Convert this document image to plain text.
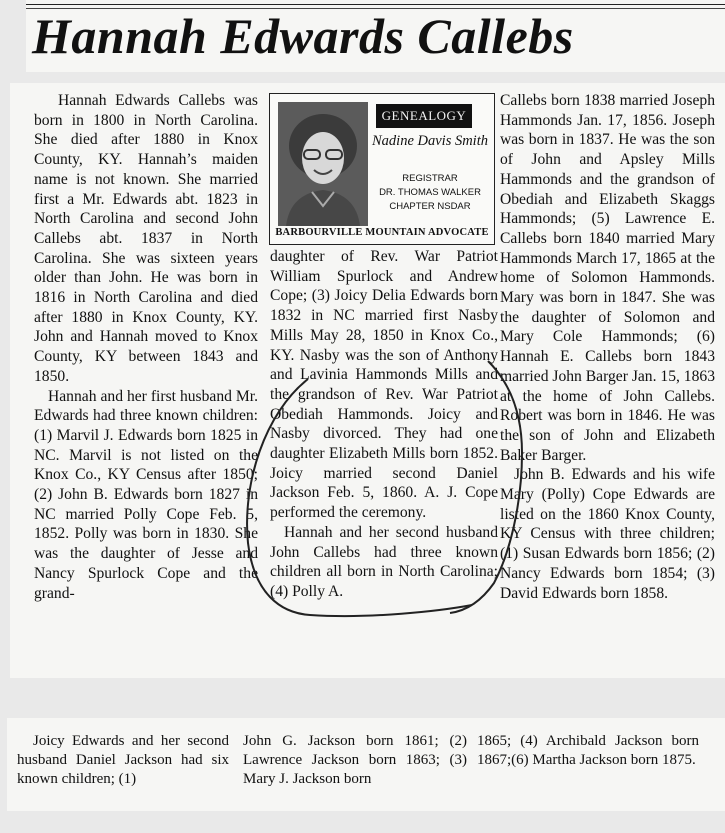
Hannah Edwards Callebs

Hannah Edwards Callebs was born in 1800 in North Carolina. She died after 1880 in Knox County, KY. Hannah’s maiden name is not known. She married first a Mr. Edwards abt. 1823 in North Carolina and second John Callebs abt. 1837 in North Carolina. She was sixteen years older than John. He was born in 1816 in North Carolina and died after 1880 in Knox County, KY. John and Hannah moved to Knox County, KY between 1843 and 1850.

Hannah and her first husband Mr. Edwards had three known children: (1) Marvil J. Edwards born 1825 in NC. Marvil is not listed on the Knox Co., KY Census after 1850; (2) John B. Edwards born 1827 in NC married Polly Cope Feb. 5, 1852. Polly was born in 1830. She was the daughter of Jesse and Nancy Spurlock Cope and the grand-

GENEALOGY
Nadine Davis Smith
REGISTRAR
DR. THOMAS WALKER
CHAPTER NSDAR
BARBOURVILLE MOUNTAIN ADVOCATE

daughter of Rev. War Patriot William Spurlock and Andrew Cope; (3) Joicy Delia Edwards born 1832 in NC married first Nasby Mills May 28, 1850 in Knox Co., KY. Nasby was the son of Anthony and Lavinia Hammonds Mills and the grandson of Rev. War Patriot Obediah Hammonds. Joicy and Nasby divorced. They had one daughter Elizabeth Mills born 1852. Joicy married second Daniel Jackson Feb. 5, 1860. A. J. Cope performed the ceremony.

Hannah and her second husband John Callebs had three known children all born in North Carolina; (4) Polly A.

Callebs born 1838 married Joseph Hammonds Jan. 17, 1856. Joseph was born in 1837. He was the son of John and Apsley Mills Hammonds and the grandson of Obediah and Elizabeth Skaggs Hammonds; (5) Lawrence E. Callebs born 1840 married Mary Hammonds March 17, 1865 at the home of Solomon Hammonds. Mary was born in 1847. She was the daughter of Solomon and Mary Cole Hammonds; (6) Hannah E. Callebs born 1843 married John Barger Jan. 15, 1863 at the home of John Callebs. Robert was born in 1846. He was the son of John and Elizabeth Baker Barger.

John B. Edwards and his wife Mary (Polly) Cope Edwards are listed on the 1860 Knox County, KY Census with three children; (1) Susan Edwards born 1856; (2) Nancy Edwards born 1854; (3) David Edwards born 1858.

Joicy Edwards and her second husband Daniel Jackson had six known children; (1)
John G. Jackson born 1861; (2) Lawrence Jackson born 1863; (3) Mary J. Jackson born
1865; (4) Archibald Jackson born 1867;(6) Martha Jackson born 1875.
